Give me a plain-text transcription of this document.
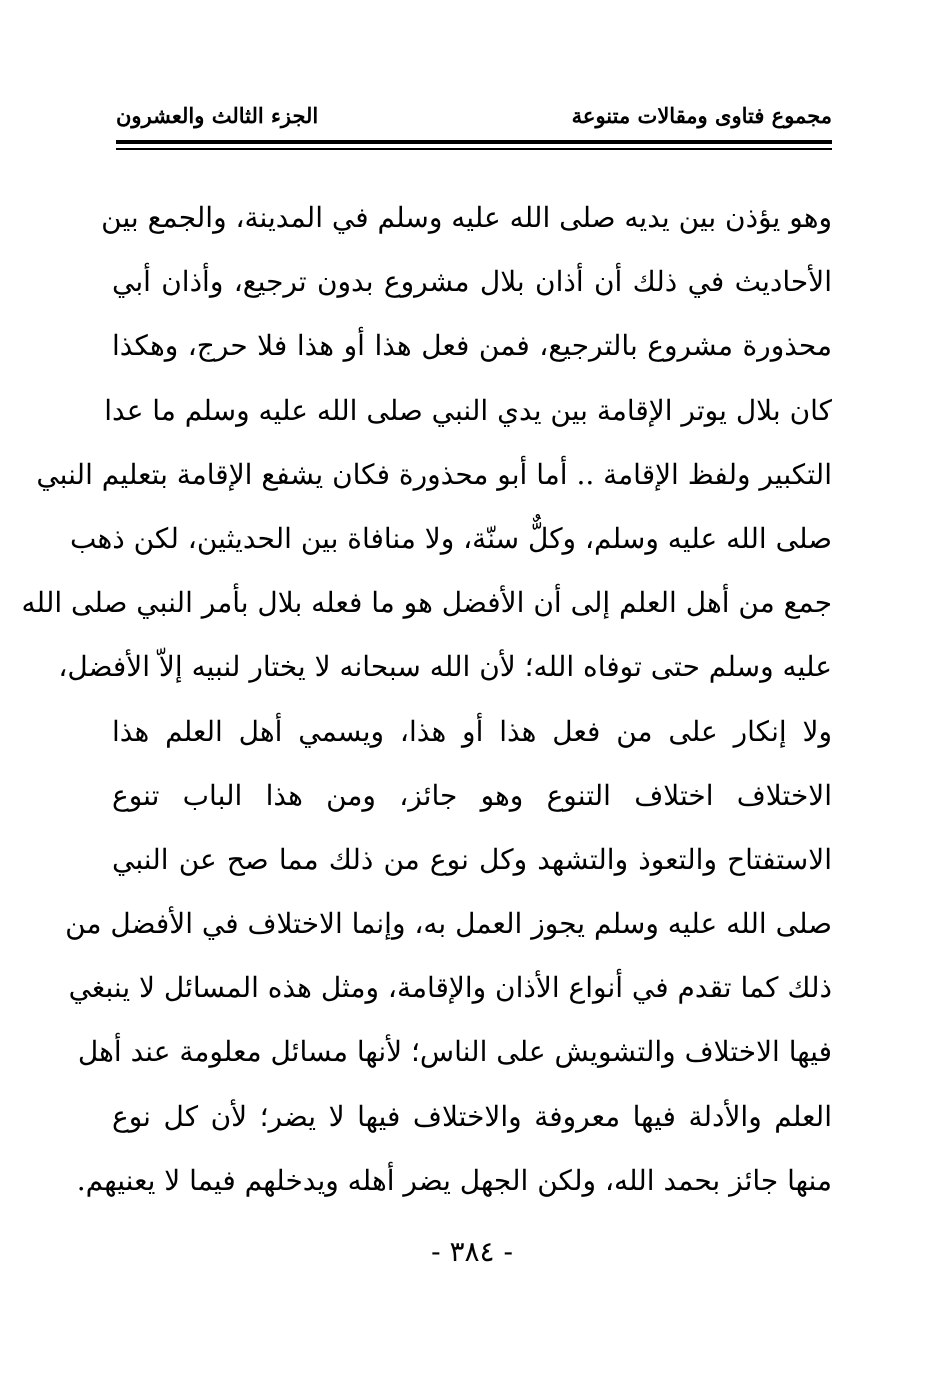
مجموع فتاوى ومقالات متنوعة
الجزء الثالث والعشرون
وهو يؤذن بين يديه صلى الله عليه وسلم في المدينة، والجمع بين
الأحاديث في ذلك أن أذان بلال مشروع بدون ترجيع، وأذان أبي
محذورة مشروع بالترجيع، فمن فعل هذا أو هذا فلا حرج، وهكذا
كان بلال يوتر الإقامة بين يدي النبي صلى الله عليه وسلم ما عدا
التكبير ولفظ الإقامة .. أما أبو محذورة فكان يشفع الإقامة بتعليم النبي
صلى الله عليه وسلم، وكلٌّ سنّة، ولا منافاة بين الحديثين، لكن ذهب
جمع من أهل العلم إلى أن الأفضل هو ما فعله بلال بأمر النبي صلى الله
عليه وسلم حتى توفاه الله؛ لأن الله سبحانه لا يختار لنبيه إلاّ الأفضل،
ولا إنكار على من فعل هذا أو هذا، ويسمي أهل العلم هذا
الاختلاف اختلاف التنوع وهو جائز، ومن هذا الباب تنوع
الاستفتاح والتعوذ والتشهد وكل نوع من ذلك مما صح عن النبي
صلى الله عليه وسلم يجوز العمل به، وإنما الاختلاف في الأفضل من
ذلك كما تقدم في أنواع الأذان والإقامة، ومثل هذه المسائل لا ينبغي
فيها الاختلاف والتشويش على الناس؛ لأنها مسائل معلومة عند أهل
العلم والأدلة فيها معروفة والاختلاف فيها لا يضر؛ لأن كل نوع
منها جائز بحمد الله، ولكن الجهل يضر أهله ويدخلهم فيما لا يعنيهم.
- ٣٨٤ -
